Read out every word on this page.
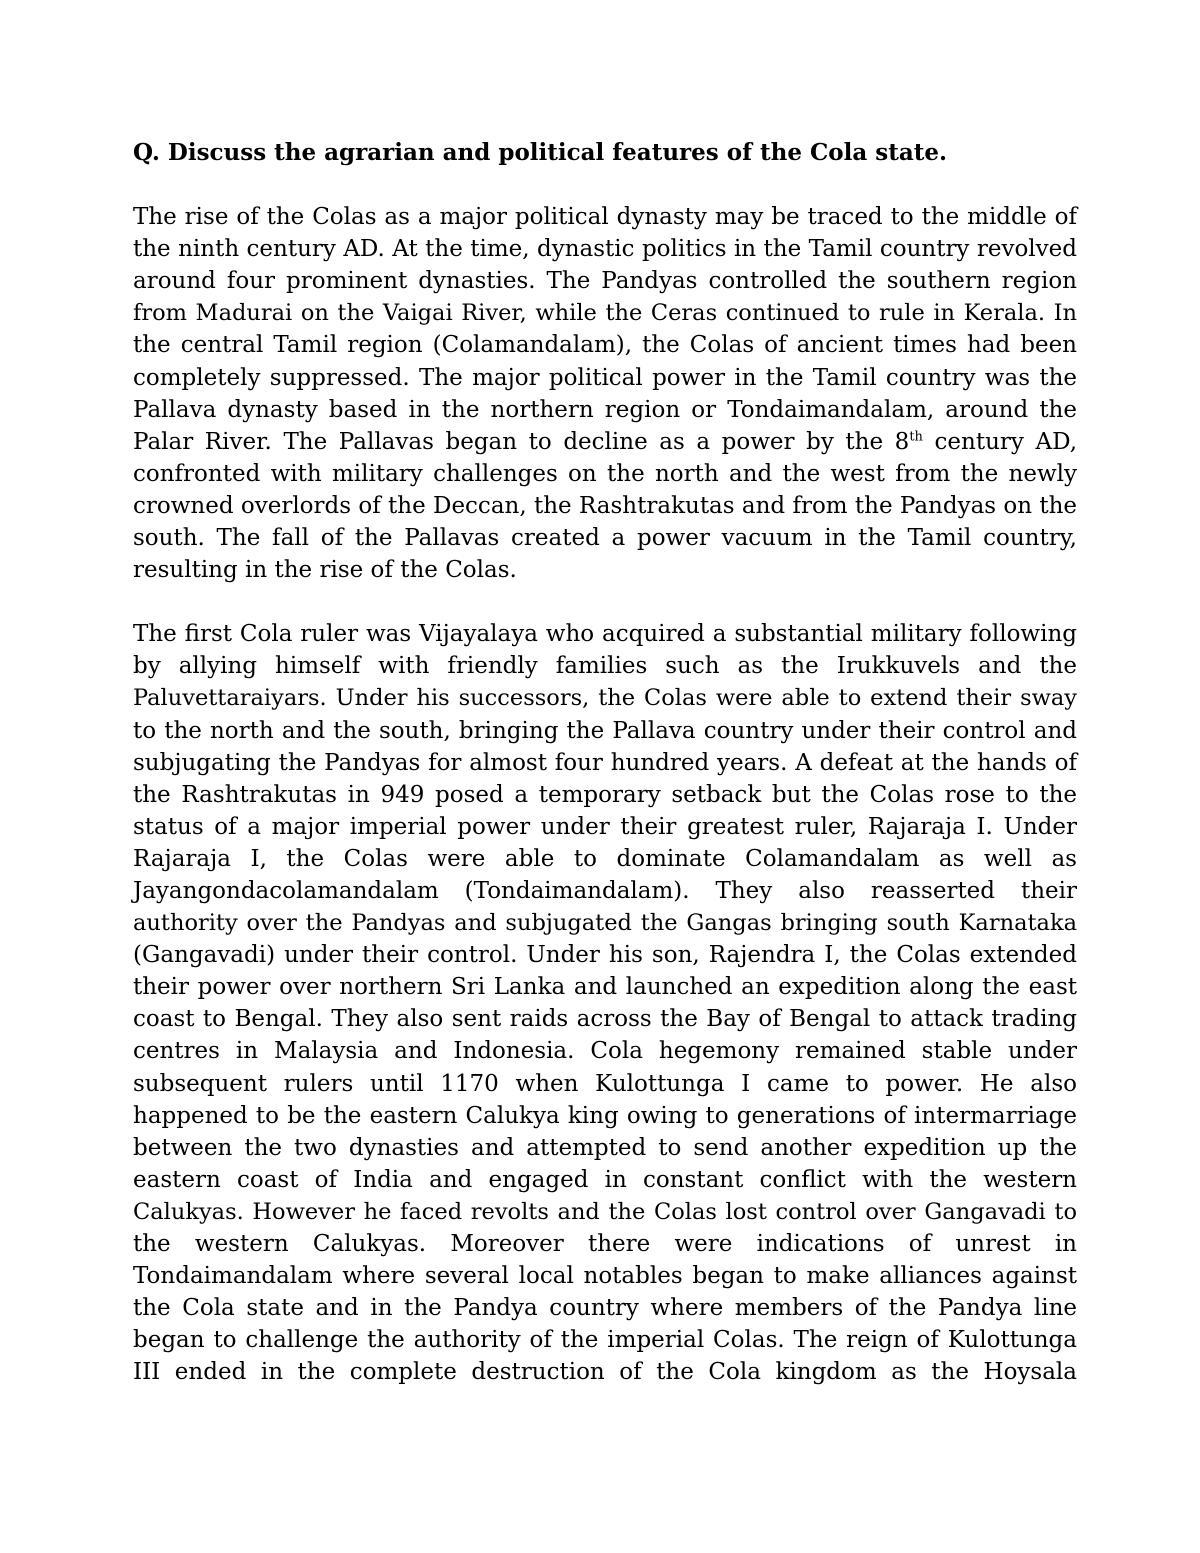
Q. Discuss the agrarian and political features of the Cola state.

The rise of the Colas as a major political dynasty may be traced to the middle of
the ninth century AD. At the time, dynastic politics in the Tamil country revolved
around four prominent dynasties. The Pandyas controlled the southern region
from Madurai on the Vaigai River, while the Ceras continued to rule in Kerala. In
the central Tamil region (Colamandalam), the Colas of ancient times had been
completely suppressed. The major political power in the Tamil country was the
Pallava dynasty based in the northern region or Tondaimandalam, around the
Palar River. The Pallavas began to decline as a power by the 8th century AD,
confronted with military challenges on the north and the west from the newly
crowned overlords of the Deccan, the Rashtrakutas and from the Pandyas on the
south. The fall of the Pallavas created a power vacuum in the Tamil country,
resulting in the rise of the Colas.
The first Cola ruler was Vijayalaya who acquired a substantial military following
by allying himself with friendly families such as the Irukkuvels and the
Paluvettaraiyars. Under his successors, the Colas were able to extend their sway
to the north and the south, bringing the Pallava country under their control and
subjugating the Pandyas for almost four hundred years. A defeat at the hands of
the Rashtrakutas in 949 posed a temporary setback but the Colas rose to the
status of a major imperial power under their greatest ruler, Rajaraja I. Under
Rajaraja I, the Colas were able to dominate Colamandalam as well as
Jayangondacolamandalam (Tondaimandalam). They also reasserted their
authority over the Pandyas and subjugated the Gangas bringing south Karnataka
(Gangavadi) under their control. Under his son, Rajendra I, the Colas extended
their power over northern Sri Lanka and launched an expedition along the east
coast to Bengal. They also sent raids across the Bay of Bengal to attack trading
centres in Malaysia and Indonesia. Cola hegemony remained stable under
subsequent rulers until 1170 when Kulottunga I came to power. He also
happened to be the eastern Calukya king owing to generations of intermarriage
between the two dynasties and attempted to send another expedition up the
eastern coast of India and engaged in constant conflict with the western
Calukyas. However he faced revolts and the Colas lost control over Gangavadi to
the western Calukyas. Moreover there were indications of unrest in
Tondaimandalam where several local notables began to make alliances against
the Cola state and in the Pandya country where members of the Pandya line
began to challenge the authority of the imperial Colas. The reign of Kulottunga
III ended in the complete destruction of the Cola kingdom as the Hoysala
